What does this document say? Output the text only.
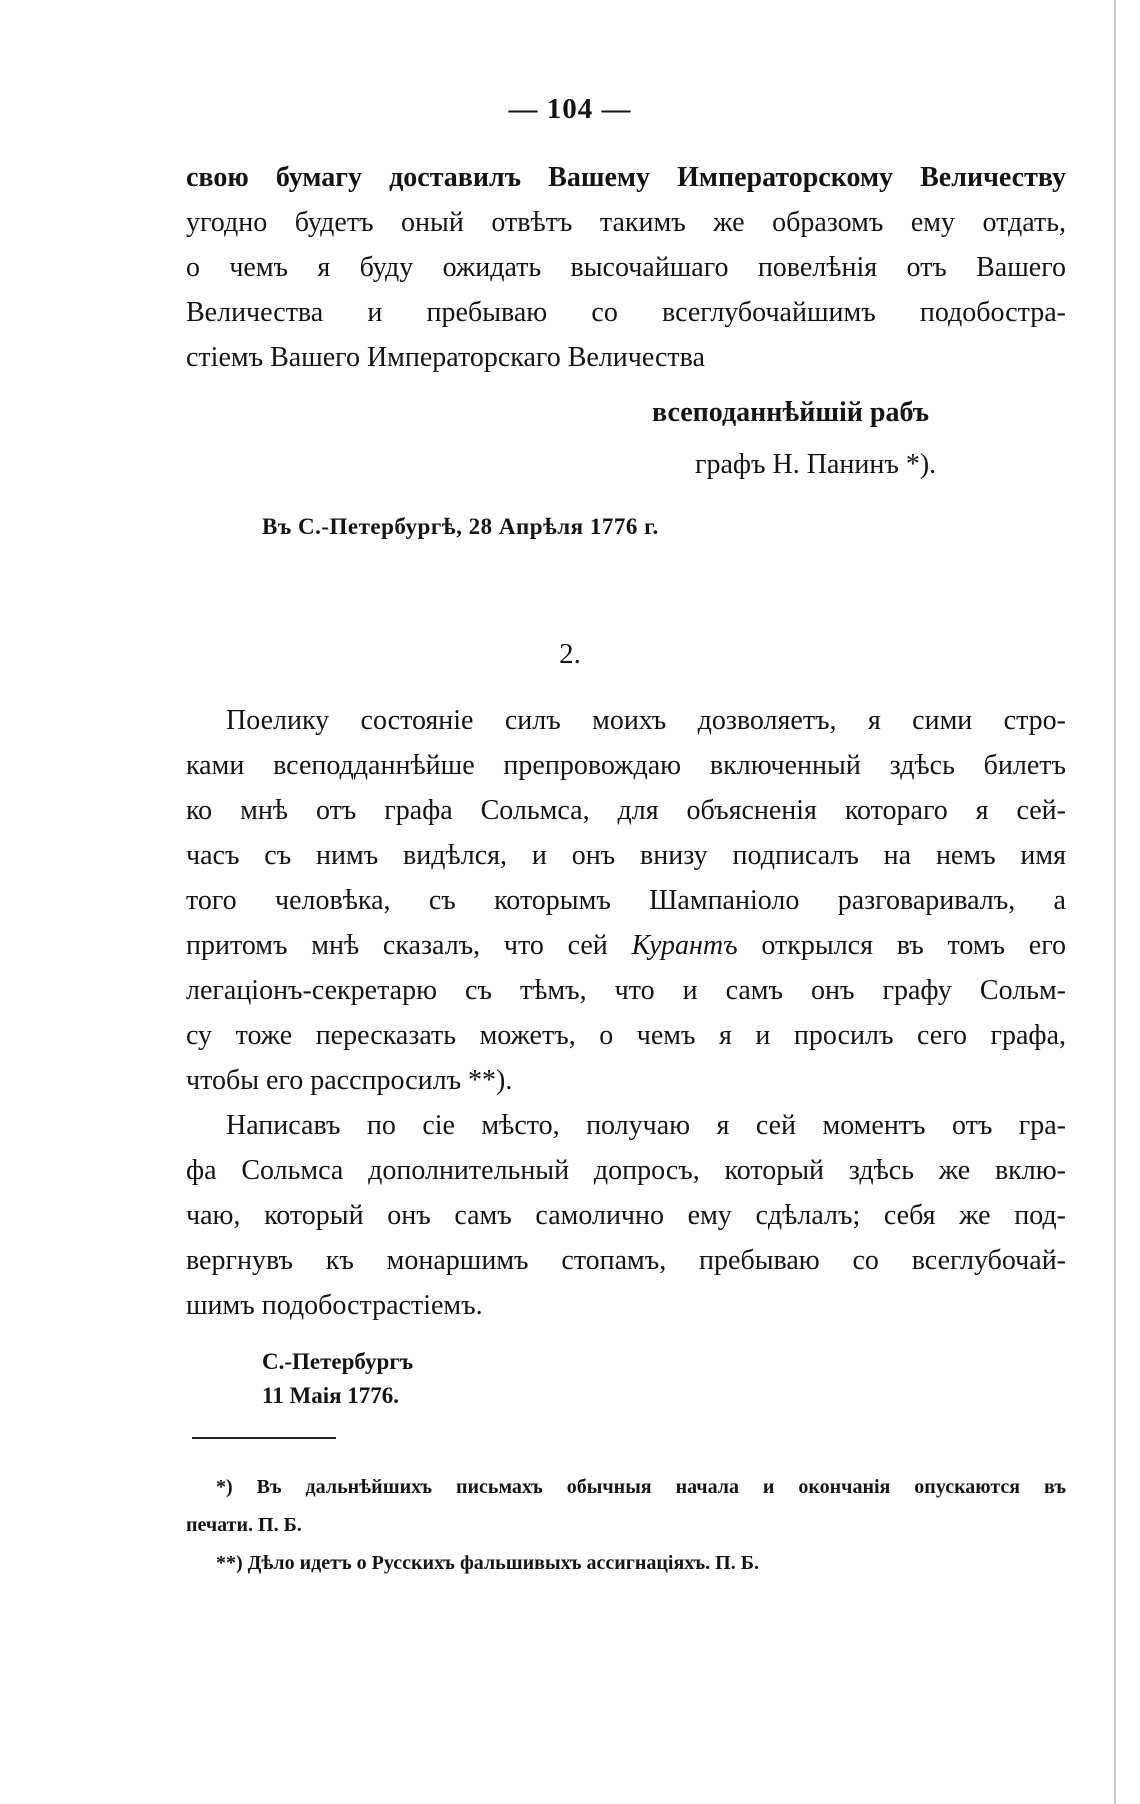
— 104 —
свою бумагу доставилъ Вашему Императорскому Величеству
угодно будетъ оный отвѣтъ такимъ же образомъ ему отдать,
о чемъ я буду ожидать высочайшаго повелѣнія отъ Вашего
Величества и пребываю со всеглубочайшимъ подобостра-
стіемъ Вашего Императорскаго Величества
всеподаннѣйшій рабъ
графъ Н. Панинъ *).
Въ С.-Петербургѣ, 28 Апрѣля 1776 г.
2.
Поелику состояніе силъ моихъ дозволяетъ, я сими стро-
ками всеподданнѣйше препровождаю включенный здѣсь билетъ
ко мнѣ отъ графа Сольмса, для объясненія котораго я сей-
часъ съ нимъ видѣлся, и онъ внизу подписалъ на немъ имя
того человѣка, съ которымъ Шампаніоло разговаривалъ, а
притомъ мнѣ сказалъ, что сей Курантъ открылся въ томъ его
легаціонъ-секретарю съ тѣмъ, что и самъ онъ графу Сольм-
су тоже пересказать можетъ, о чемъ я и просилъ сего графа,
чтобы его расспросилъ **).
Написавъ по сіе мѣсто, получаю я сей моментъ отъ гра-
фа Сольмса дополнительный допросъ, который здѣсь же вклю-
чаю, который онъ самъ самолично ему сдѣлалъ; себя же под-
вергнувъ къ монаршимъ стопамъ, пребываю со всеглубочай-
шимъ подобострастіемъ.
С.-Петербургъ
11 Маія 1776.
*) Въ дальнѣйшихъ письмахъ обычныя начала и окончанія опускаются въ
печати. П. Б.
**) Дѣло идетъ о Русскихъ фальшивыхъ ассигнаціяхъ. П. Б.
